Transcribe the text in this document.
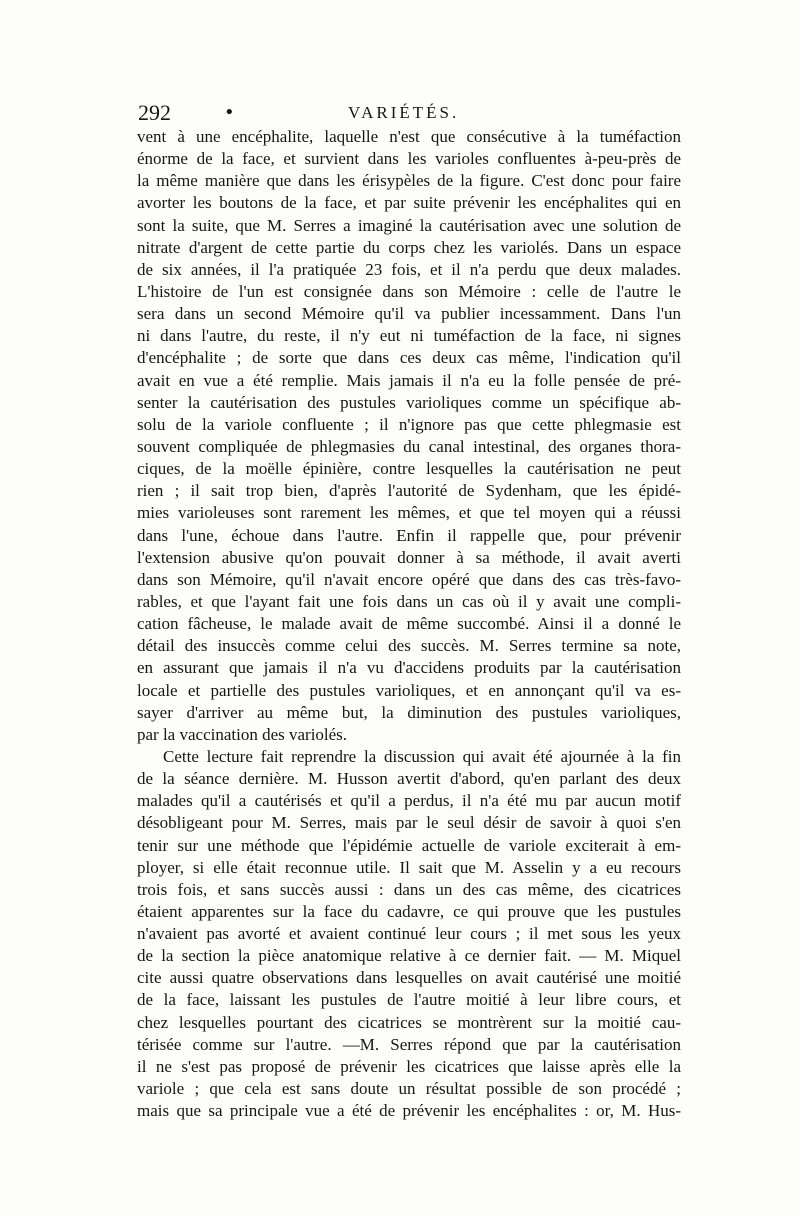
292	•	VARIÉTÉS.
vent à une encéphalite, laquelle n'est que consécutive à la tuméfaction
énorme de la face, et survient dans les varioles confluentes à-peu-près de
la même manière que dans les érisypèles de la figure. C'est donc pour faire
avorter les boutons de la face, et par suite prévenir les encéphalites qui en
sont la suite, que M. Serres a imaginé la cautérisation avec une solution de
nitrate d'argent de cette partie du corps chez les variolés. Dans un espace
de six années, il l'a pratiquée 23 fois, et il n'a perdu que deux malades.
L'histoire de l'un est consignée dans son Mémoire : celle de l'autre le
sera dans un second Mémoire qu'il va publier incessamment. Dans l'un
ni dans l'autre, du reste, il n'y eut ni tuméfaction de la face, ni signes
d'encéphalite ; de sorte que dans ces deux cas même, l'indication qu'il
avait en vue a été remplie. Mais jamais il n'a eu la folle pensée de pré-
senter la cautérisation des pustules varioliques comme un spécifique ab-
solu de la variole confluente ; il n'ignore pas que cette phlegmasie est
souvent compliquée de phlegmasies du canal intestinal, des organes thora-
ciques, de la moëlle épinière, contre lesquelles la cautérisation ne peut
rien ; il sait trop bien, d'après l'autorité de Sydenham, que les épidé-
mies varioleuses sont rarement les mêmes, et que tel moyen qui a réussi
dans l'une, échoue dans l'autre. Enfin il rappelle que, pour prévenir
l'extension abusive qu'on pouvait donner à sa méthode, il avait averti
dans son Mémoire, qu'il n'avait encore opéré que dans des cas très-favo-
rables, et que l'ayant fait une fois dans un cas où il y avait une compli-
cation fâcheuse, le malade avait de même succombé. Ainsi il a donné le
détail des insuccès comme celui des succès. M. Serres termine sa note,
en assurant que jamais il n'a vu d'accidens produits par la cautérisation
locale et partielle des pustules varioliques, et en annonçant qu'il va es-
sayer d'arriver au même but, la diminution des pustules varioliques,
par la vaccination des variolés.
Cette lecture fait reprendre la discussion qui avait été ajournée à la fin
de la séance dernière. M. Husson avertit d'abord, qu'en parlant des deux
malades qu'il a cautérisés et qu'il a perdus, il n'a été mu par aucun motif
désobligeant pour M. Serres, mais par le seul désir de savoir à quoi s'en
tenir sur une méthode que l'épidémie actuelle de variole exciterait à em-
ployer, si elle était reconnue utile. Il sait que M. Asselin y a eu recours
trois fois, et sans succès aussi : dans un des cas même, des cicatrices
étaient apparentes sur la face du cadavre, ce qui prouve que les pustules
n'avaient pas avorté et avaient continué leur cours ; il met sous les yeux
de la section la pièce anatomique relative à ce dernier fait. — M. Miquel
cite aussi quatre observations dans lesquelles on avait cautérisé une moitié
de la face, laissant les pustules de l'autre moitié à leur libre cours, et
chez lesquelles pourtant des cicatrices se montrèrent sur la moitié cau-
térisée comme sur l'autre. —M. Serres répond que par la cautérisation
il ne s'est pas proposé de prévenir les cicatrices que laisse après elle la
variole ; que cela est sans doute un résultat possible de son procédé ;
mais que sa principale vue a été de prévenir les encéphalites : or, M. Hus-
